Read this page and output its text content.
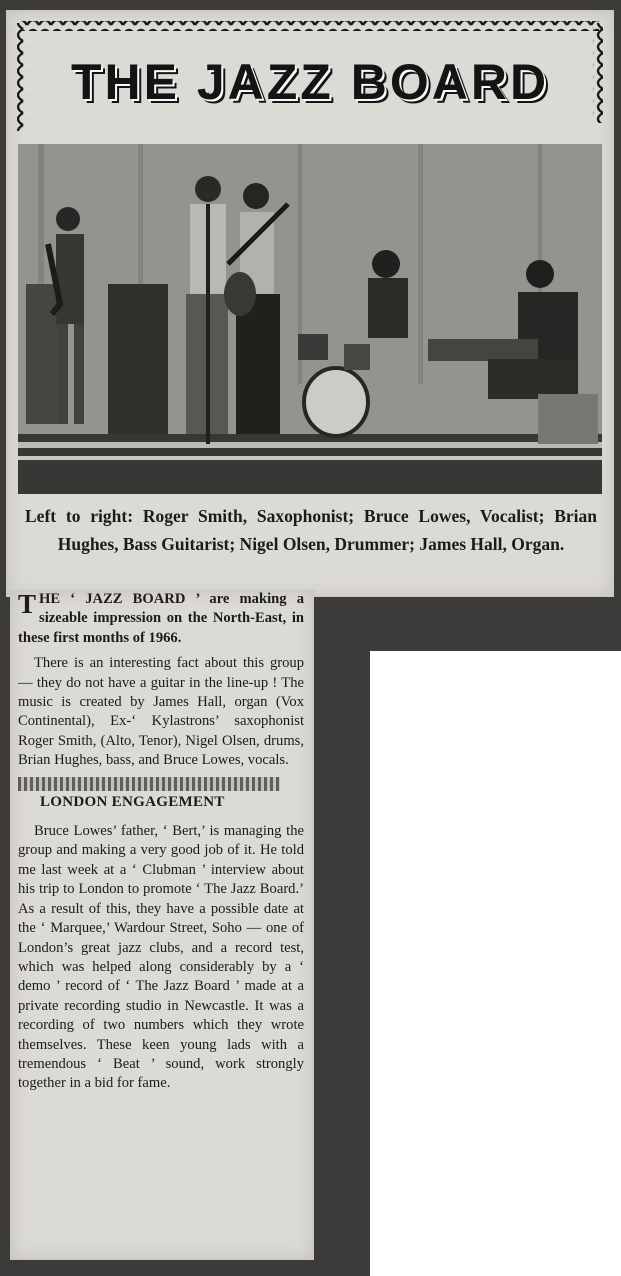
THE JAZZ BOARD
Left to right: Roger Smith, Saxophonist; Bruce Lowes, Vocalist; Brian Hughes, Bass Guitarist; Nigel Olsen, Drummer; James Hall, Organ.

THE ‘ JAZZ BOARD ’ are making a sizeable impression on the North-East, in these first months of 1966.

There is an interesting fact about this group — they do not have a guitar in the line-up ! The music is created by James Hall, organ (Vox Continental), Ex-‘ Kylastrons’ saxophonist Roger Smith, (Alto, Tenor), Nigel Olsen, drums, Brian Hughes, bass, and Bruce Lowes, vocals.

LONDON ENGAGEMENT

Bruce Lowes’ father, ‘ Bert,’ is managing the group and making a very good job of it. He told me last week at a ‘ Clubman ’ interview about his trip to London to promote ‘ The Jazz Board.’ As a result of this, they have a possible date at the ‘ Marquee,’ Wardour Street, Soho — one of London’s great jazz clubs, and a record test, which was helped along considerably by a ‘ demo ’ record of ‘ The Jazz Board ’ made at a private recording studio in Newcastle. It was a recording of two numbers which they wrote themselves. These keen young lads with a tremendous ‘ Beat ’ sound, work strongly together in a bid for fame.
